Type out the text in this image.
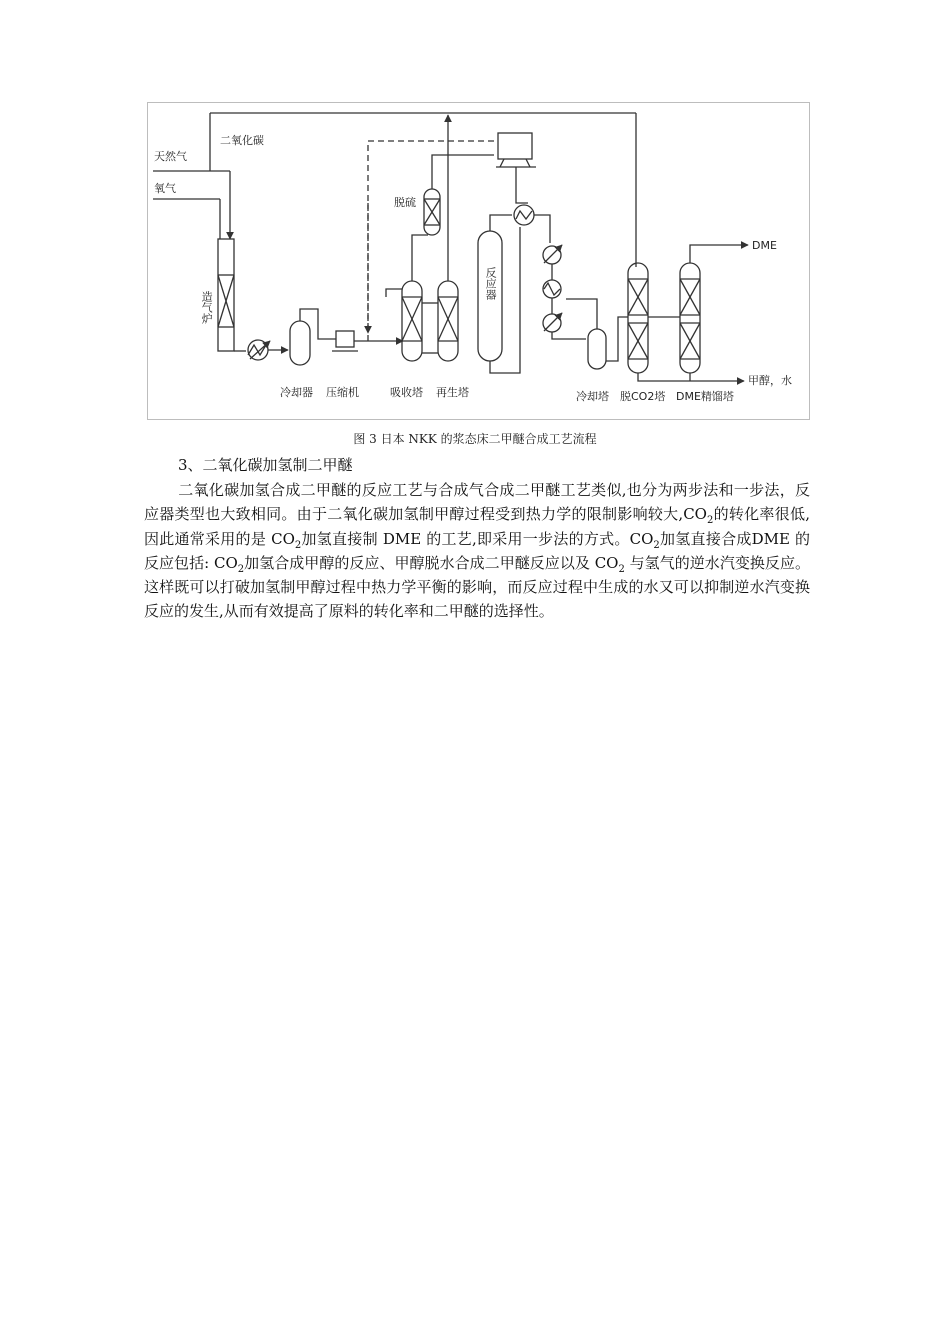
天然气
氧气
二氧化碳
造气炉
脱硫
反应器
冷却器 压缩机	吸收塔 再生塔	冷却塔 脱CO2塔 DME精馏塔
DME
甲醇，水
图 3 日本 NKK 的浆态床二甲醚合成工艺流程
3、二氧化碳加氢制二甲醚

二氧化碳加氢合成二甲醚的反应工艺与合成气合成二甲醚工艺类似,也分为两步法和一步法，反应器类型也大致相同。由于二氧化碳加氢制甲醇过程受到热力学的限制影响较大$,CO_2$的转化率很低,因此通常采用的是 $CO_2$加氢直接制 DME 的工艺,即采用一步法的方式。$CO_2$加氢直接合成DME 的反应包括: $CO_2$加氢合成甲醇的反应、甲醇脱水合成二甲醚反应以及 $CO_2$ 与氢气的逆水汽变换反应。这样既可以打破加氢制甲醇过程中热力学平衡的影响，而反应过程中生成的水又可以抑制逆水汽变换反应的发生,从而有效提高了原料的转化率和二甲醚的选择性。
